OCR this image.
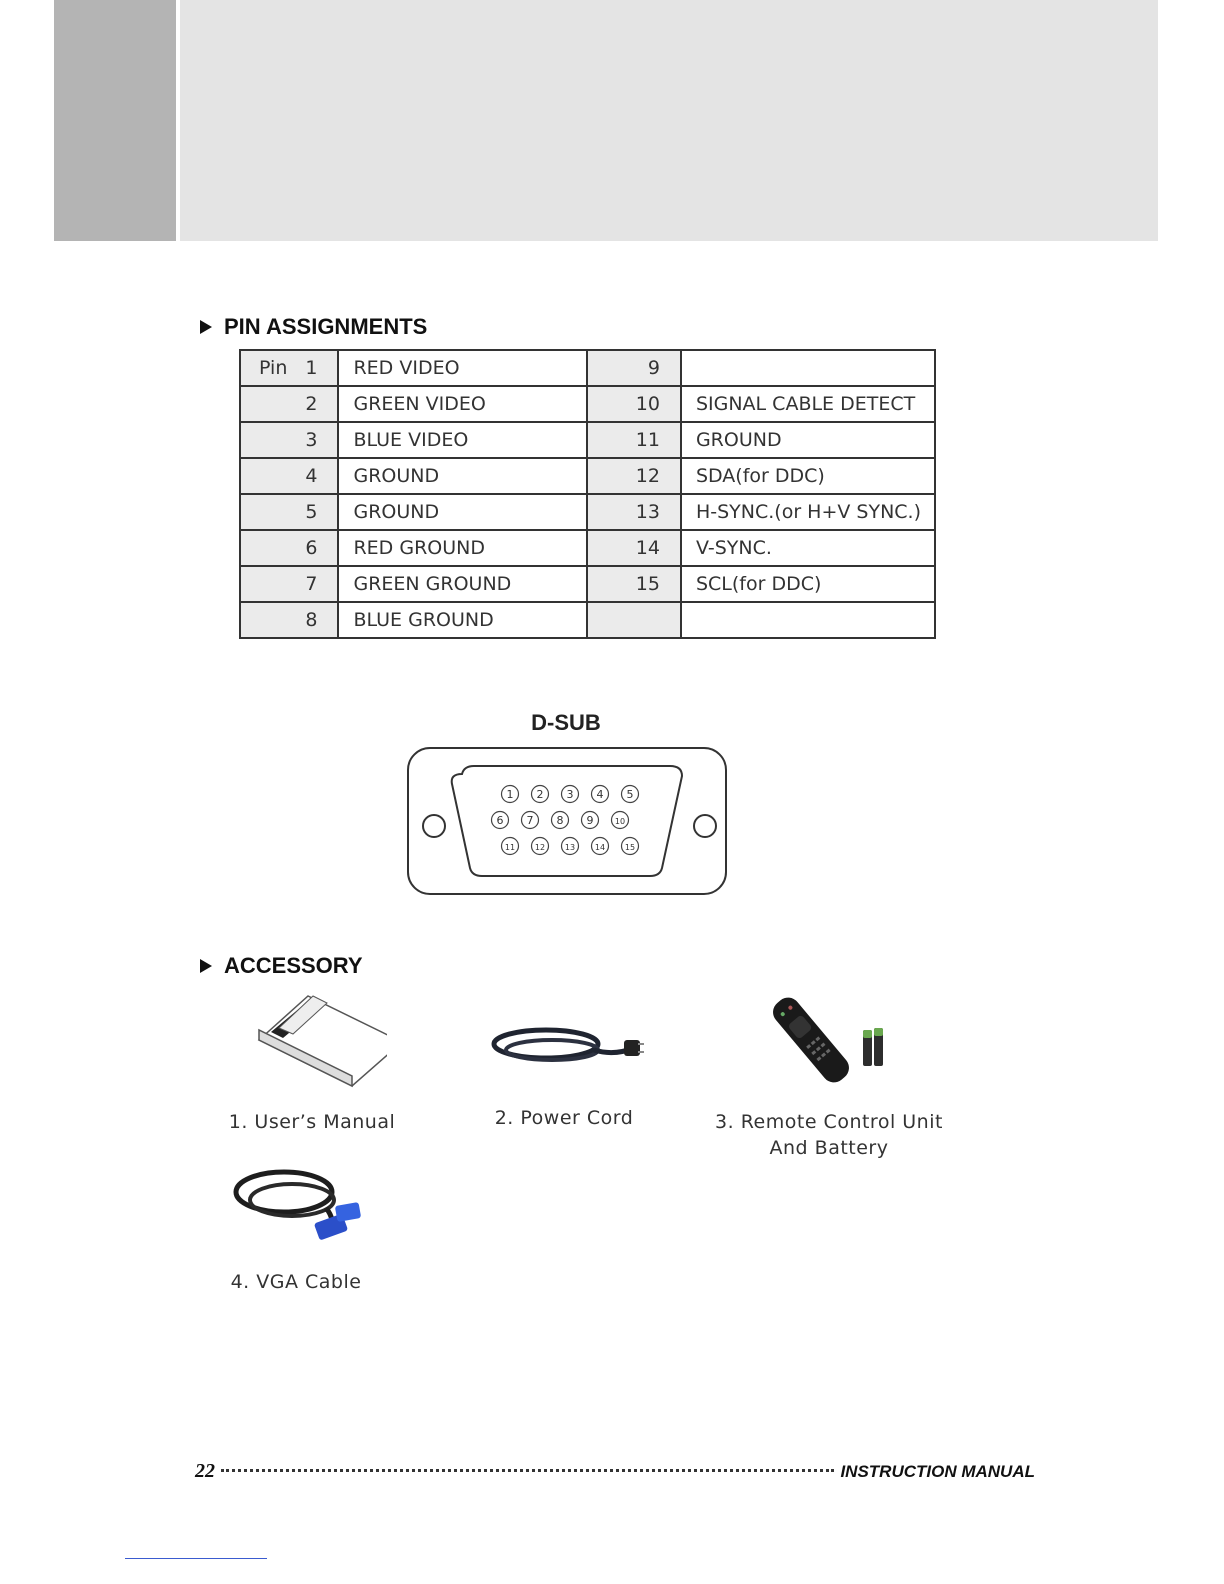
PIN ASSIGNMENTS
Pin 1	RED VIDEO	9	
2	GREEN VIDEO	10	SIGNAL CABLE DETECT
3	BLUE VIDEO	11	GROUND
4	GROUND	12	SDA(for DDC)
5	GROUND	13	H-SYNC.(or H+V SYNC.)
6	RED GROUND	14	V-SYNC.
7	GREEN GROUND	15	SCL(for DDC)
8	BLUE GROUND		
D-SUB
1 2 3 4 5
6 7 8 9	10
11 12 13 14 15
ACCESSORY
1. User’s Manual	2. Power Cord	3. Remote Control Unit
And Battery
4. VGA Cable
22	INSTRUCTION MANUAL
